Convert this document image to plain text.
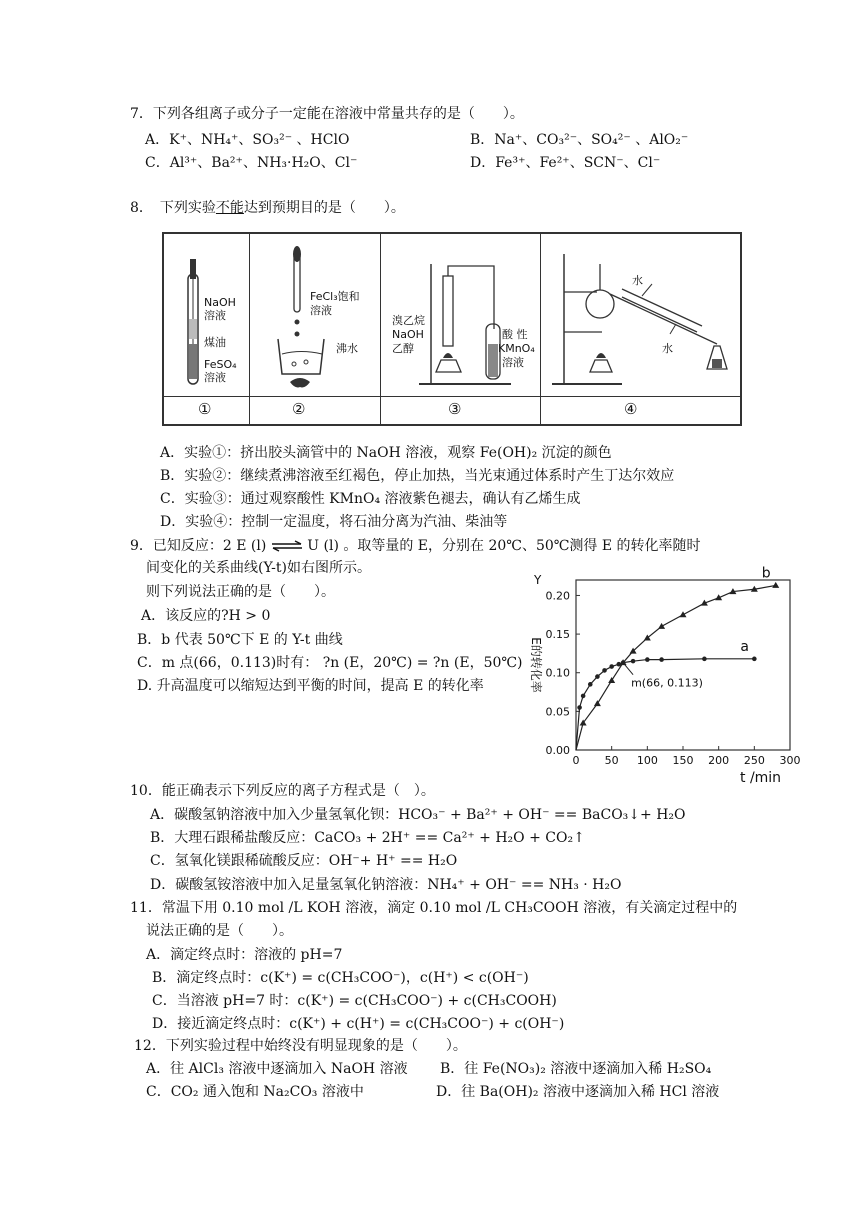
7．下列各组离子或分子一定能在溶液中常量共存的是（　　）。
A．K⁺、NH₄⁺、SO₃²⁻ 、HClO	B．Na⁺、CO₃²⁻、SO₄²⁻ 、AlO₂⁻
C．Al³⁺、Ba²⁺、NH₃·H₂O、Cl⁻	D．Fe³⁺、Fe²⁺、SCN⁻、Cl⁻
8．　下列实验不能达到预期目的是（　　）。
①	②	③	④
NaOH
溶液
煤油
FeSO₄
溶液
FeCl₃饱和
溶液
沸水
溴乙烷
NaOH
乙醇
酸 性
KMnO₄
溶液
水
水
A．实验①：挤出胶头滴管中的 NaOH 溶液，观察 Fe(OH)₂ 沉淀的颜色
B．实验②：继续煮沸溶液至红褐色，停止加热，当光束通过体系时产生丁达尔效应
C．实验③：通过观察酸性 KMnO₄ 溶液紫色褪去，确认有乙烯生成
D．实验④：控制一定温度，将石油分离为汽油、柴油等
9．已知反应：2 E (l) ⇌ U (l) 。取等量的 E，分别在 20℃、50℃测得 E 的转化率随时
间变化的关系曲线(Y-t)如右图所示。
则下列说法正确的是（　　）。
A．该反应的?H > 0
B．b 代表 50℃下 E 的 Y-t 曲线
C．m 点(66，0.113)时有： ?n (E，20℃) = ?n (E，50℃)
D. 升高温度可以缩短达到平衡的时间，提高 E 的转化率
0.00
0.05
0.10
0.15
0.20
0 50 100 150 200 250 300
Y
E的转化率
t /min
a
b
m(66, 0.113)
10．能正确表示下列反应的离子方程式是（　）。
A．碳酸氢钠溶液中加入少量氢氧化钡：HCO₃⁻ + Ba²⁺ + OH⁻ == BaCO₃↓+ H₂O
B．大理石跟稀盐酸反应：CaCO₃ + 2H⁺ == Ca²⁺ + H₂O + CO₂↑
C．氢氧化镁跟稀硫酸反应：OH⁻+ H⁺ == H₂O
D．碳酸氢铵溶液中加入足量氢氧化钠溶液：NH₄⁺ + OH⁻ == NH₃ · H₂O
11．常温下用 0.10 mol /L KOH 溶液，滴定 0.10 mol /L CH₃COOH 溶液，有关滴定过程中的
说法正确的是（　　）。
A．滴定终点时：溶液的 pH=7
B．滴定终点时：c(K⁺) = c(CH₃COO⁻)，c(H⁺) < c(OH⁻)
C．当溶液 pH=7 时：c(K⁺) = c(CH₃COO⁻) + c(CH₃COOH)
D．接近滴定终点时：c(K⁺) + c(H⁺) = c(CH₃COO⁻) + c(OH⁻)
12．下列实验过程中始终没有明显现象的是（　　）。
A．往 AlCl₃ 溶液中逐滴加入 NaOH 溶液 B．往 Fe(NO₃)₂ 溶液中逐滴加入稀 H₂SO₄
C．CO₂ 通入饱和 Na₂CO₃ 溶液中	D．往 Ba(OH)₂ 溶液中逐滴加入稀 HCl 溶液
